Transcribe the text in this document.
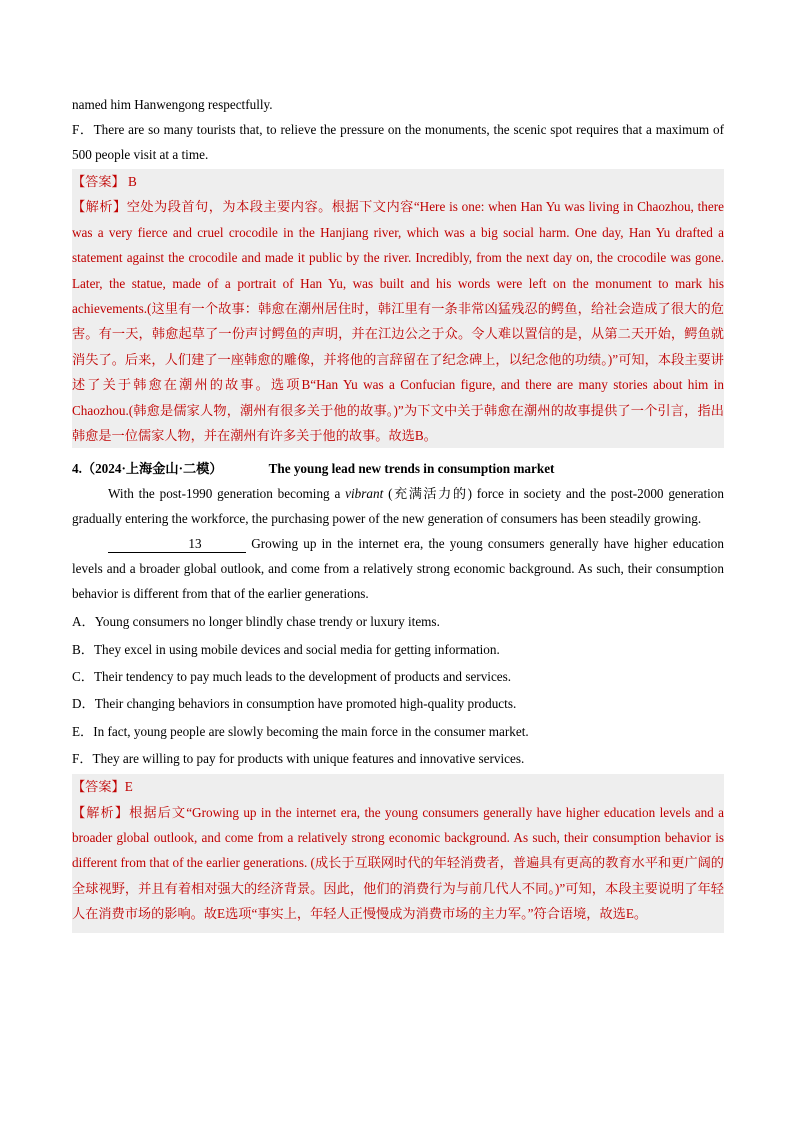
named him Hanwengong respectfully.

F．There are so many tourists that, to relieve the pressure on the monuments, the scenic spot requires that a maximum of 500 people visit at a time.

【答案】 B

【解析】空处为段首句，为本段主要内容。根据下文内容“Here is one: when Han Yu was living in Chaozhou, there was a very fierce and cruel crocodile in the Hanjiang river, which was a big social harm. One day, Han Yu drafted a statement against the crocodile and made it public by the river. Incredibly, from the next day on, the crocodile was gone. Later, the statue, made of a portrait of Han Yu, was built and his words were left on the monument to mark his achievements.(这里有一个故事：韩愈在潮州居住时，韩江里有一条非常凶猛残忍的鳄鱼，给社会造成了很大的危害。有一天，韩愈起草了一份声讨鳄鱼的声明，并在江边公之于众。令人难以置信的是，从第二天开始，鳄鱼就消失了。后来，人们建了一座韩愈的雕像，并将他的言辞留在了纪念碑上，以纪念他的功绩。)”可知，本段主要讲述了关于韩愈在潮州的故事。选项B“Han Yu was a Confucian figure, and there are many stories about him in Chaozhou.(韩愈是儒家人物，潮州有很多关于他的故事。)”为下文中关于韩愈在潮州的故事提供了一个引言，指出韩愈是一位儒家人物，并在潮州有许多关于他的故事。故选B。

4.（2024·上海金山·二模）	The young lead new trends in consumption market

With the post-1990 generation becoming a vibrant (充满活力的) force in society and the post-2000 generation gradually entering the workforce, the purchasing power of the new generation of consumers has been steadily growing.

13	Growing up in the internet era, the young consumers generally have higher education levels and a broader global outlook, and come from a relatively strong economic background. As such, their consumption behavior is different from that of the earlier generations.

A．Young consumers no longer blindly chase trendy or luxury items.

B．They excel in using mobile devices and social media for getting information.

C．Their tendency to pay much leads to the development of products and services.

D．Their changing behaviors in consumption have promoted high-quality products.

E．In fact, young people are slowly becoming the main force in the consumer market.

F．They are willing to pay for products with unique features and innovative services.

【答案】E

【解析】根据后文“Growing up in the internet era, the young consumers generally have higher education levels and a broader global outlook, and come from a relatively strong economic background. As such, their consumption behavior is different from that of the earlier generations. (成长于互联网时代的年轻消费者，普遍具有更高的教育水平和更广阔的全球视野，并且有着相对强大的经济背景。因此，他们的消费行为与前几代人不同。)”可知，本段主要说明了年轻人在消费市场的影响。故E选项“事实上，年轻人正慢慢成为消费市场的主力军。”符合语境，故选E。
